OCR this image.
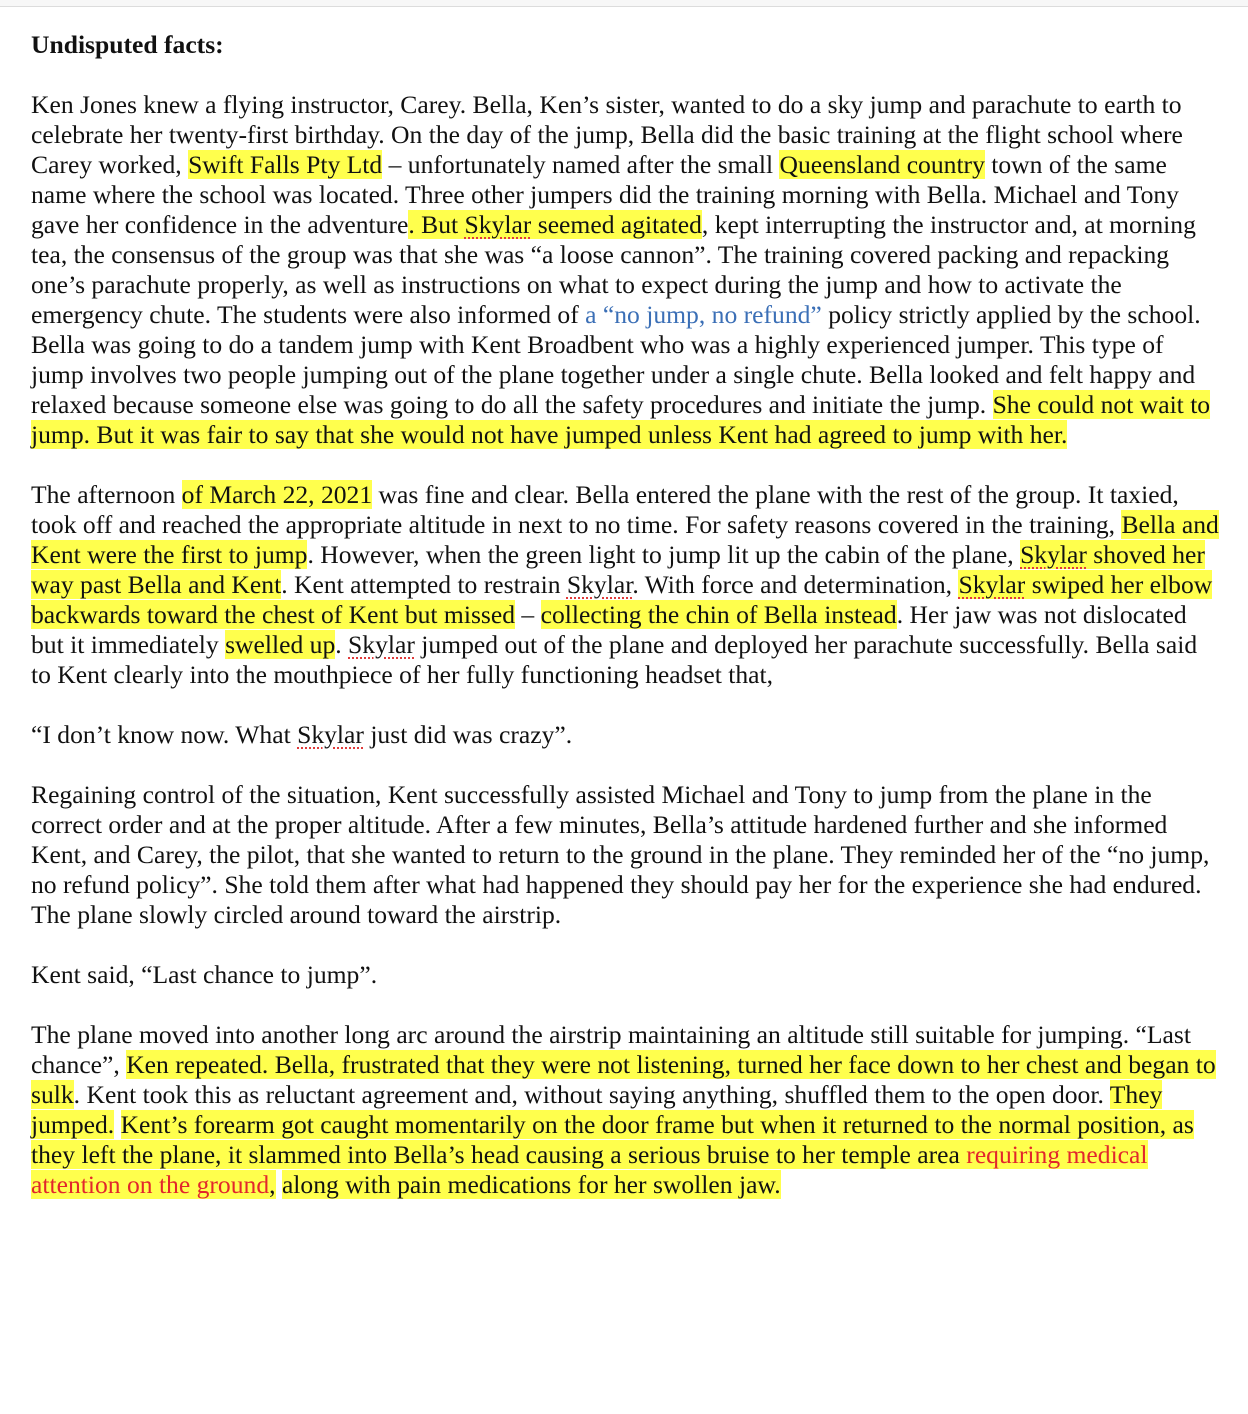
Undisputed facts:

Ken Jones knew a flying instructor, Carey. Bella, Ken’s sister, wanted to do a sky jump and parachute to earth to celebrate her twenty-first birthday. On the day of the jump, Bella did the basic training at the flight school where Carey worked, Swift Falls Pty Ltd – unfortunately named after the small Queensland country town of the same name where the school was located. Three other jumpers did the training morning with Bella. Michael and Tony gave her confidence in the adventure. But Skylar seemed agitated, kept interrupting the instructor and, at morning tea, the consensus of the group was that she was “a loose cannon”. The training covered packing and repacking one’s parachute properly, as well as instructions on what to expect during the jump and how to activate the emergency chute. The students were also informed of a “no jump, no refund” policy strictly applied by the school. Bella was going to do a tandem jump with Kent Broadbent who was a highly experienced jumper. This type of jump involves two people jumping out of the plane together under a single chute. Bella looked and felt happy and relaxed because someone else was going to do all the safety procedures and initiate the jump. She could not wait to jump. But it was fair to say that she would not have jumped unless Kent had agreed to jump with her.

The afternoon of March 22, 2021 was fine and clear. Bella entered the plane with the rest of the group. It taxied, took off and reached the appropriate altitude in next to no time. For safety reasons covered in the training, Bella and Kent were the first to jump. However, when the green light to jump lit up the cabin of the plane, Skylar shoved her way past Bella and Kent. Kent attempted to restrain Skylar. With force and determination, Skylar swiped her elbow backwards toward the chest of Kent but missed – collecting the chin of Bella instead. Her jaw was not dislocated but it immediately swelled up. Skylar jumped out of the plane and deployed her parachute successfully. Bella said to Kent clearly into the mouthpiece of her fully functioning headset that,

“I don’t know now. What Skylar just did was crazy”.

Regaining control of the situation, Kent successfully assisted Michael and Tony to jump from the plane in the correct order and at the proper altitude. After a few minutes, Bella’s attitude hardened further and she informed Kent, and Carey, the pilot, that she wanted to return to the ground in the plane. They reminded her of the “no jump, no refund policy”. She told them after what had happened they should pay her for the experience she had endured. The plane slowly circled around toward the airstrip.

Kent said, “Last chance to jump”.

The plane moved into another long arc around the airstrip maintaining an altitude still suitable for jumping. “Last chance”, Ken repeated. Bella, frustrated that they were not listening, turned her face down to her chest and began to sulk. Kent took this as reluctant agreement and, without saying anything, shuffled them to the open door. They jumped. Kent’s forearm got caught momentarily on the door frame but when it returned to the normal position, as they left the plane, it slammed into Bella’s head causing a serious bruise to her temple area requiring medical attention on the ground, along with pain medications for her swollen jaw.
